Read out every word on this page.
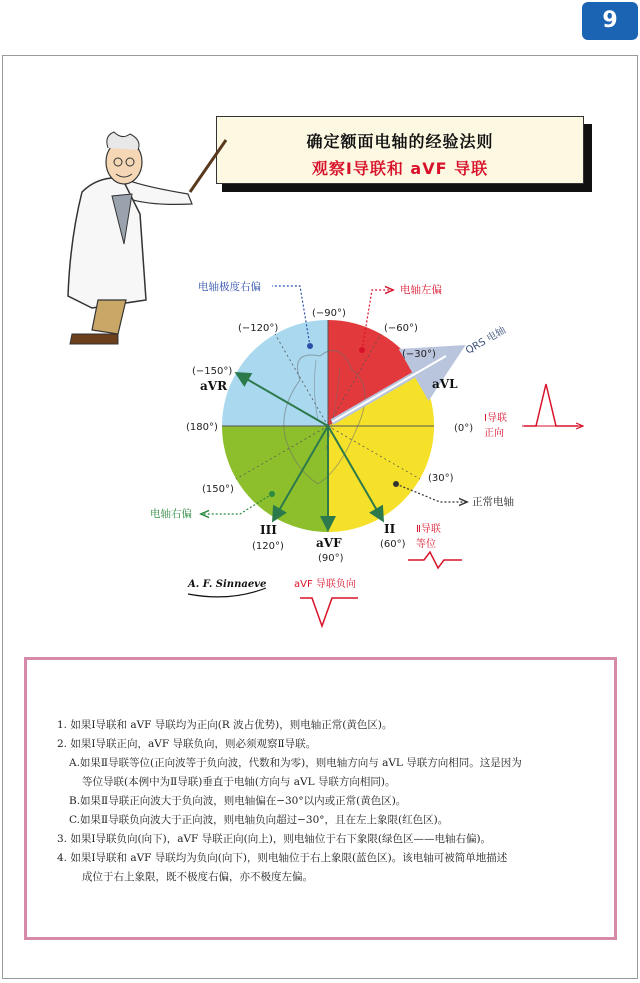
9
确定额面电轴的经验法则
观察Ⅰ导联和 aVF 导联
电轴极度右偏	电轴左偏
电轴右偏
正常电轴
(−90°)
(−120°)	(−60°)
(−30°)
(−150°)
(180°)	(0°)
(30°)
(150°)
(120°)
(90°)
(60°)
aVR	aVL
III
aVF
II
QRS 电轴
Ⅰ导联
正向
Ⅱ导联
等位
aVF 导联负向
A. F. Sinnaeve

1. 如果Ⅰ导联和 aVF 导联均为正向(R 波占优势)，则电轴正常(黄色区)。

2. 如果Ⅰ导联正向，aVF 导联负向，则必须观察Ⅱ导联。

A.如果Ⅱ导联等位(正向波等于负向波，代数和为零)，则电轴方向与 aVL 导联方向相同。这是因为

等位导联(本例中为Ⅱ导联)垂直于电轴(方向与 aVL 导联方向相同)。

B.如果Ⅱ导联正向波大于负向波，则电轴偏在−30°以内或正常(黄色区)。

C.如果Ⅱ导联负向波大于正向波，则电轴负向超过−30°，且在左上象限(红色区)。

3. 如果Ⅰ导联负向(向下)，aVF 导联正向(向上)，则电轴位于右下象限(绿色区——电轴右偏)。

4. 如果Ⅰ导联和 aVF 导联均为负向(向下)，则电轴位于右上象限(蓝色区)。该电轴可被简单地描述

成位于右上象限，既不极度右偏，亦不极度左偏。
